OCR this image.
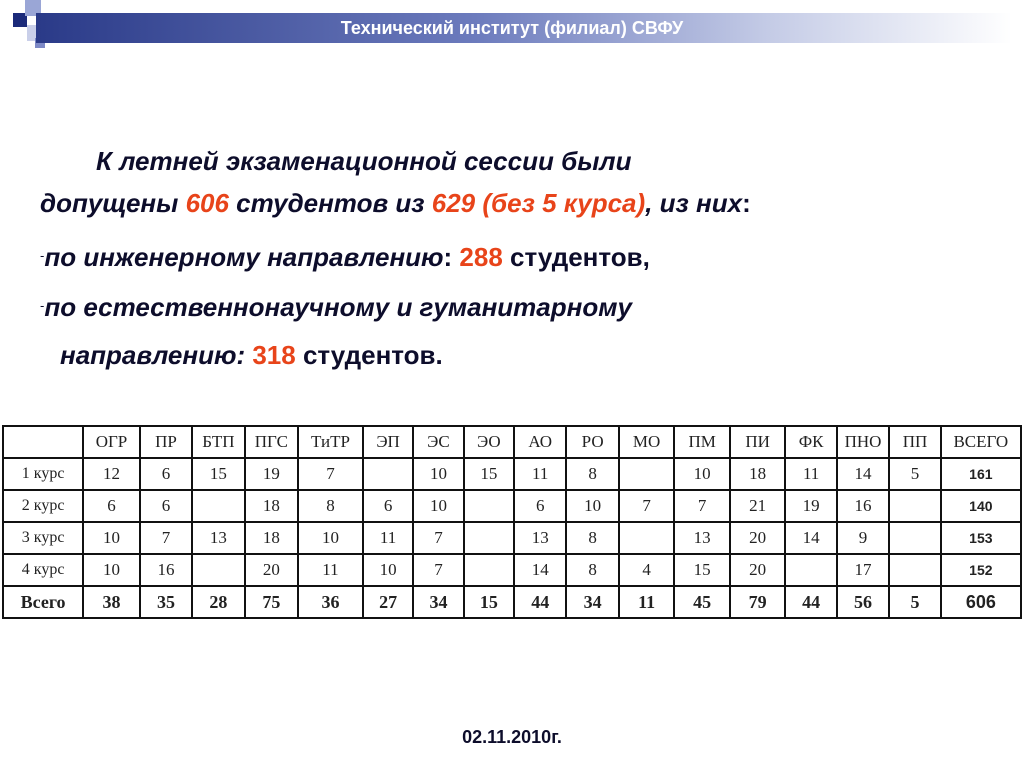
Технический институт (филиал) СВФУ
К летней экзаменационной сессии были
допущены 606 студентов из 629 (без 5 курса), из них:
-по инженерному направлению: 288 студентов,
-по естественнонаучному и гуманитарному
направлению: 318 студентов.
	ОГР	ПР	БТП	ПГС	ТиТР	ЭП	ЭС	ЭО	АО	РО	МО	ПМ	ПИ	ФК	ПНО	ПП	ВСЕГО
1 курс	12	6	15	19	7		10	15	11	8		10	18	11	14	5	161
2 курс	6	6		18	8	6	10		6	10	7	7	21	19	16		140
3 курс	10	7	13	18	10	11	7		13	8		13	20	14	9		153
4 курс	10	16		20	11	10	7		14	8	4	15	20		17		152
Всего	38	35	28	75	36	27	34	15	44	34	11	45	79	44	56	5	606
02.11.2010г.
